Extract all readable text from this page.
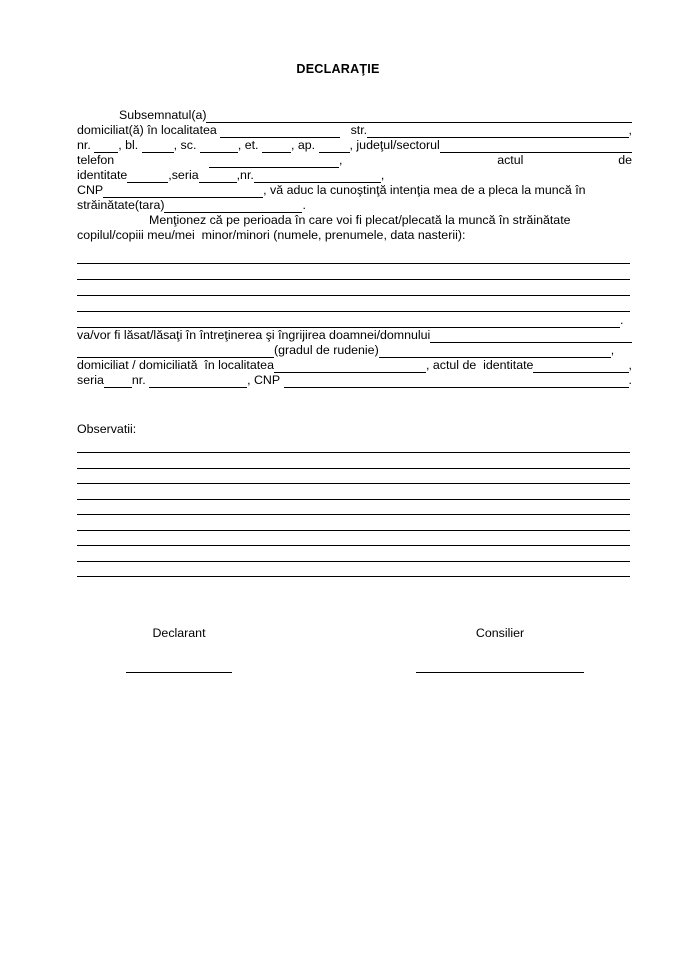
DECLARAŢIE
Subsemnatul(a)
domiciliat(ă) în localitatea

	str.	,
nr.
, bl.
	, sc.
	, et.
	, ap.
	, judeţul/sectorul
telefon	,	actul	de
identitate	,seria	,nr.	,
CNP	, vă aduc la cunoştinţă intenţia mea de a pleca la muncă în
străinătate(tara)	.
Menţionez că pe perioada în care voi fi plecat/plecată la muncă în străinătate
copilul/copiii meu/mei  minor/minori (numele, prenumele, data nasterii):
.
va/vor fi lăsat/lăsaţi în întreţinerea şi îngrijirea doamnei/domnului
(gradul de rudenie)	,
domiciliat / domiciliată  în localitatea	, actul de  identitate	,
seria nr.
	, CNP
	.
Observatii:
Declarant	Consilier
